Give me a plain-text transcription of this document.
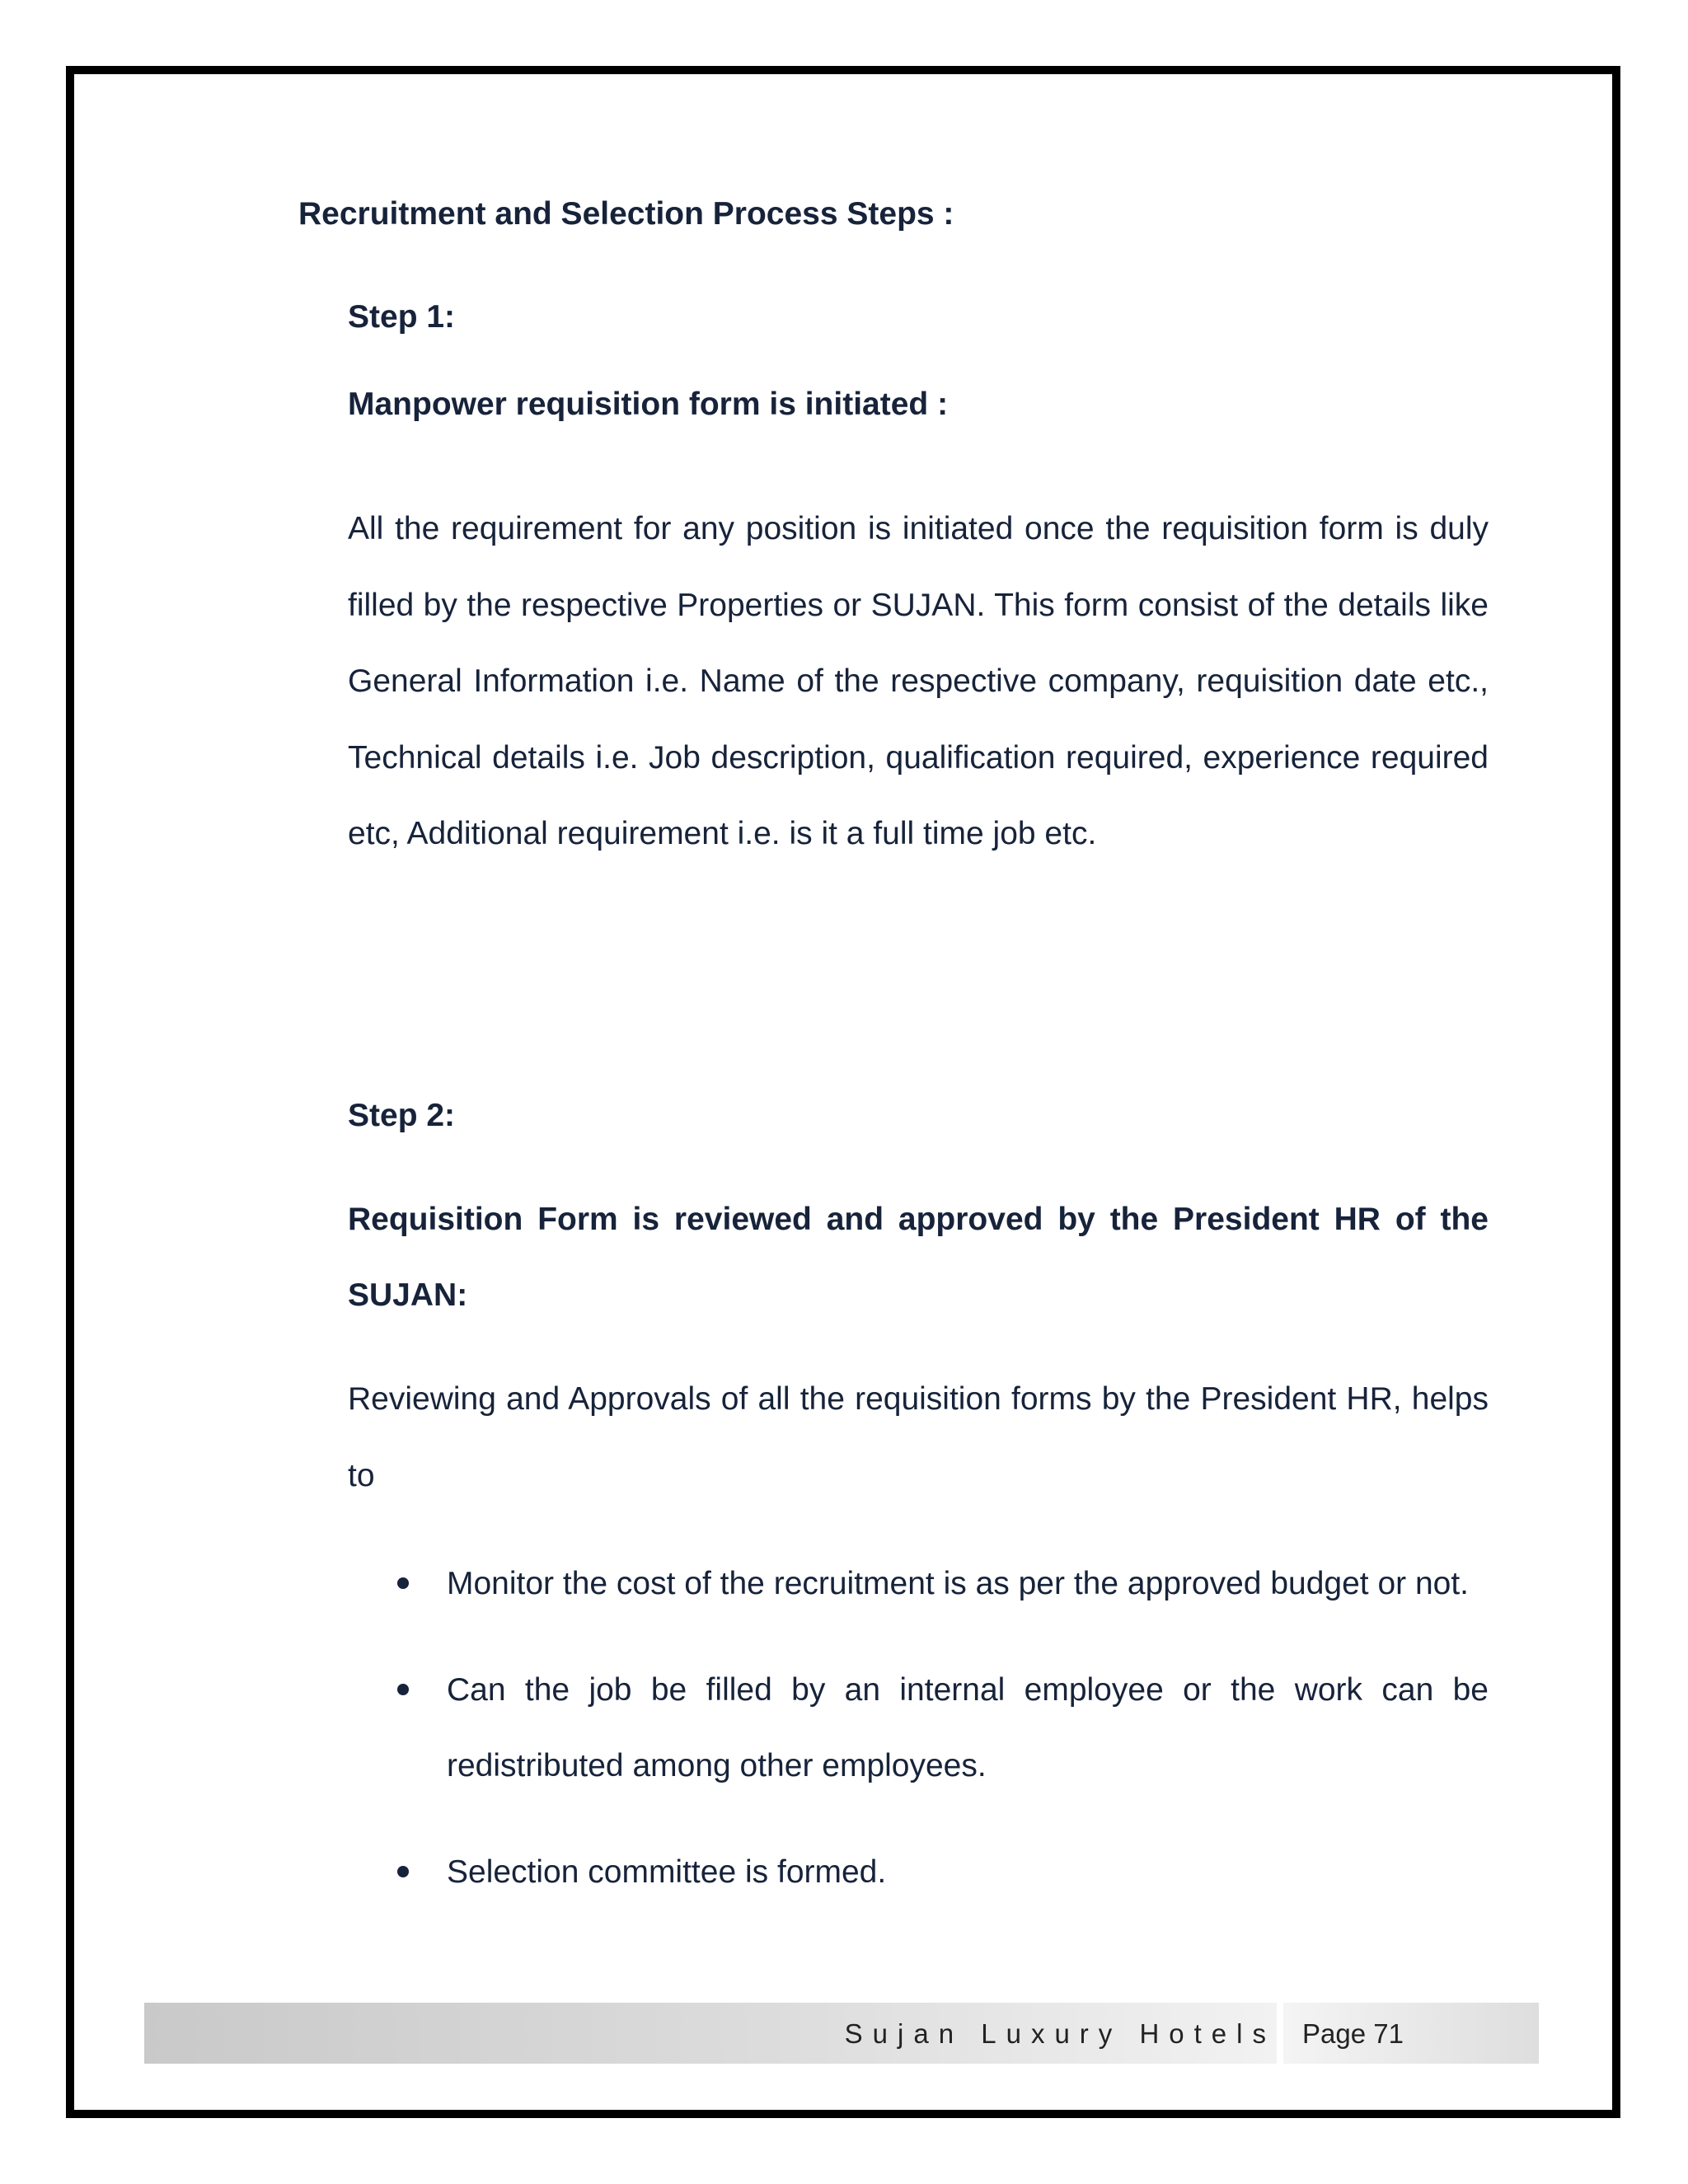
Recruitment and Selection Process Steps :
Step 1:
Manpower requisition form is initiated :
All the requirement for any position is initiated once the requisition form is duly filled by the respective Properties or SUJAN. This form consist of the details like General Information i.e. Name of the respective company, requisition date etc., Technical details i.e. Job description, qualification required, experience required etc, Additional requirement i.e. is it a full time job etc.
Step 2:
Requisition Form is reviewed and approved by the President HR of the SUJAN:
Reviewing and Approvals of all the requisition forms by the President HR, helps to
Monitor the cost of the recruitment is as per the approved budget or not.
Can the job be filled by an internal employee or the work can be redistributed among other employees.
Selection committee is formed.
Sujan Luxury Hotels Page 71
